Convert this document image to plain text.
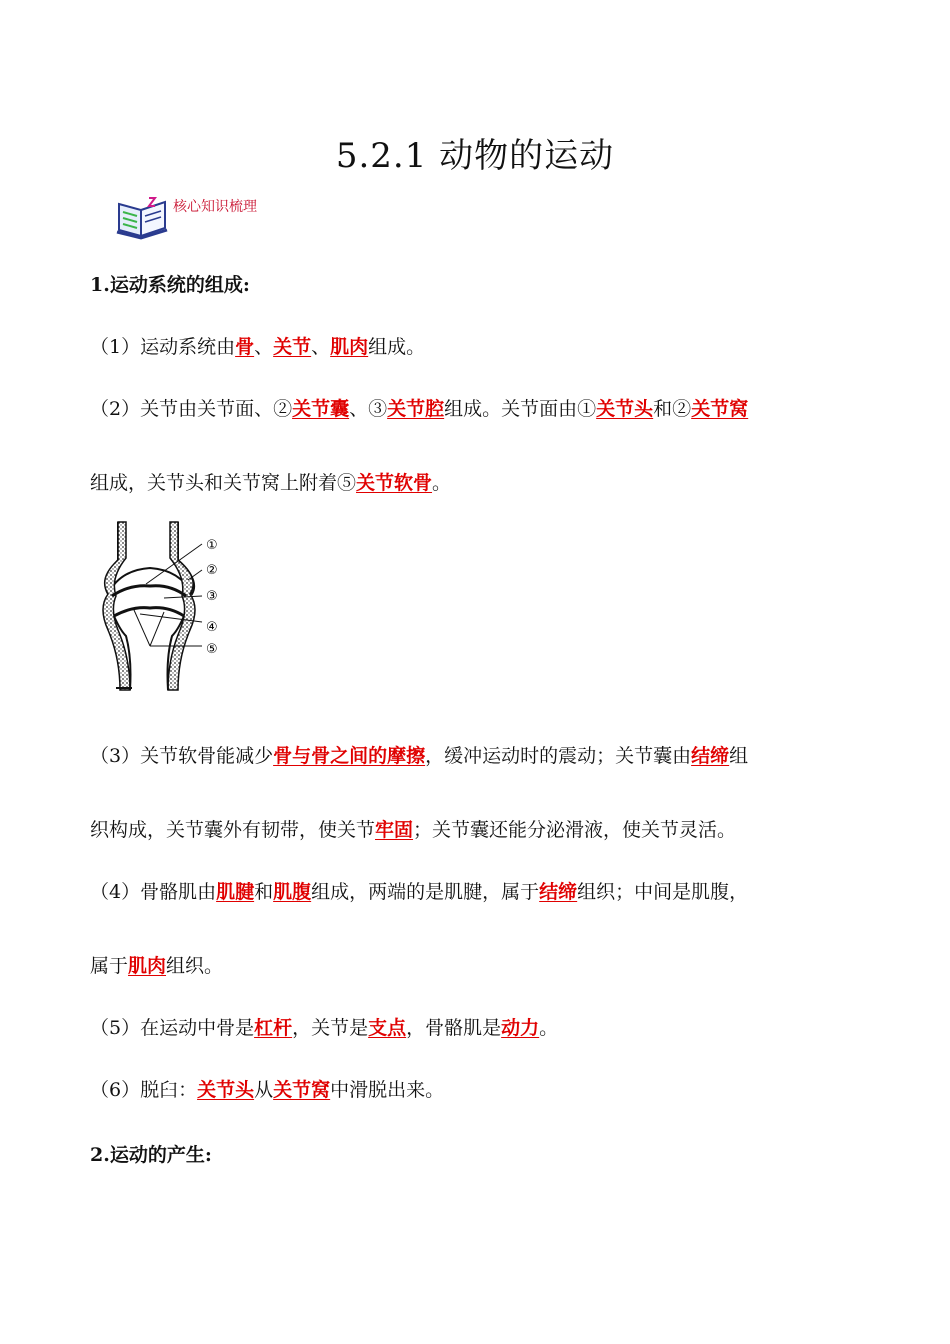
5.2.1 动物的运动
核心知识梳理
1.运动系统的组成:
（1）运动系统由骨、关节、肌肉组成。
（2）关节由关节面、②关节囊、③关节腔组成。关节面由①关节头和②关节窝
组成，关节头和关节窝上附着⑤关节软骨。
（3）关节软骨能减少骨与骨之间的摩擦，缓冲运动时的震动；关节囊由结缔组
织构成，关节囊外有韧带，使关节牢固；关节囊还能分泌滑液，使关节灵活。
（4）骨骼肌由肌腱和肌腹组成，两端的是肌腱，属于结缔组织；中间是肌腹，
属于肌肉组织。
（5）在运动中骨是杠杆，关节是支点，骨骼肌是动力。
（6）脱臼：关节头从关节窝中滑脱出来。
①
②
③
④
⑤
2.运动的产生:
